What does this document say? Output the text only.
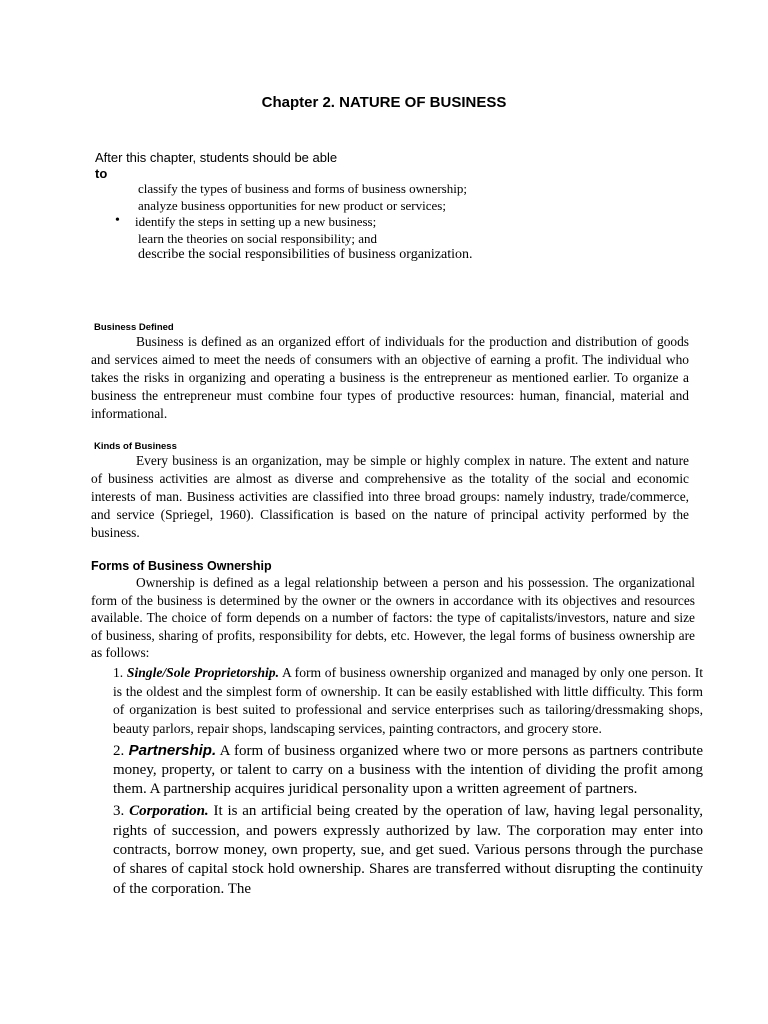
Chapter 2. NATURE OF BUSINESS
After this chapter, students should be able
to

classify the types of business and forms of business ownership; analyze business opportunities for new product or services;

• identify the steps in setting up a new business;

learn the theories on social responsibility; and

describe the social responsibilities of business organization.

Business Defined

Business is defined as an organized effort of individuals for the production and distribution of goods and services aimed to meet the needs of consumers with an objective of earning a profit. The individual who takes the risks in organizing and operating a business is the entrepreneur as mentioned earlier. To organize a business the entrepreneur must combine four types of productive resources: human, financial, material and informational.

Kinds of Business

Every business is an organization, may be simple or highly complex in nature. The extent and nature of business activities are almost as diverse and comprehensive as the totality of the social and economic interests of man. Business activities are classified into three broad groups: namely industry, trade/commerce, and service (Spriegel, 1960). Classification is based on the nature of principal activity performed by the business.

Forms of Business Ownership

Ownership is defined as a legal relationship between a person and his possession. The organizational form of the business is determined by the owner or the owners in accordance with its objectives and resources available. The choice of form depends on a number of factors: the type of capitalists/investors, nature and size of business, sharing of profits, responsibility for debts, etc. However, the legal forms of business ownership are as follows:

1. Single/Sole Proprietorship. A form of business ownership organized and managed by only one person. It is the oldest and the simplest form of ownership. It can be easily established with little difficulty. This form of organization is best suited to professional and service enterprises such as tailoring/dressmaking shops, beauty parlors, repair shops, landscaping services, painting contractors, and grocery store.

2. Partnership. A form of business organized where two or more persons as partners contribute money, property, or talent to carry on a business with the intention of dividing the profit among them. A partnership acquires juridical personality upon a written agreement of partners.

3. Corporation. It is an artificial being created by the operation of law, having legal personality, rights of succession, and powers expressly authorized by law. The corporation may enter into contracts, borrow money, own property, sue, and get sued. Various persons through the purchase of shares of capital stock hold ownership. Shares are transferred without disrupting the continuity of the corporation. The
